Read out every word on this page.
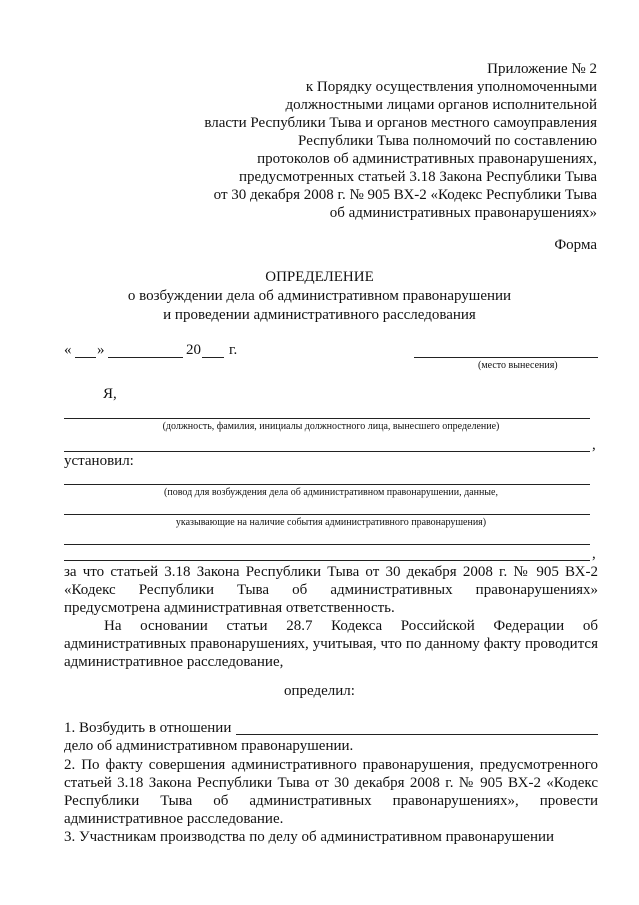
Приложение № 2
к Порядку осуществления уполномоченными
должностными лицами органов исполнительной
власти Республики Тыва и органов местного самоуправления
Республики Тыва полномочий по составлению
протоколов об административных правонарушениях,
предусмотренных статьей 3.18 Закона Республики Тыва
от 30 декабря 2008 г. № 905 ВХ-2 «Кодекс Республики Тыва
об административных правонарушениях»
Форма
ОПРЕДЕЛЕНИЕ
о возбуждении дела об административном правонарушении
и проведении административного расследования
« »	20 г.
(место вынесения)
Я,
(должность, фамилия, инициалы должностного лица, вынесшего определение)
,
установил:
(повод для возбуждения дела об административном правонарушении, данные,
указывающие на наличие события административного правонарушения)
,
за что статьей 3.18 Закона Республики Тыва от 30 декабря 2008 г. № 905 ВХ-2 «Кодекс Республики Тыва об административных правонарушениях» предусмотрена административная ответственность.
На основании статьи 28.7 Кодекса Российской Федерации об административных правонарушениях, учитывая, что по данному факту проводится административное расследование,
определил:
1. Возбудить в отношении
дело об административном правонарушении.
2. По факту совершения административного правонарушения, предусмотренного статьей 3.18 Закона Республики Тыва от 30 декабря 2008 г. № 905 ВХ-2 «Кодекс Республики Тыва об административных правонарушениях», провести административное расследование.
3. Участникам производства по делу об административном правонарушении
